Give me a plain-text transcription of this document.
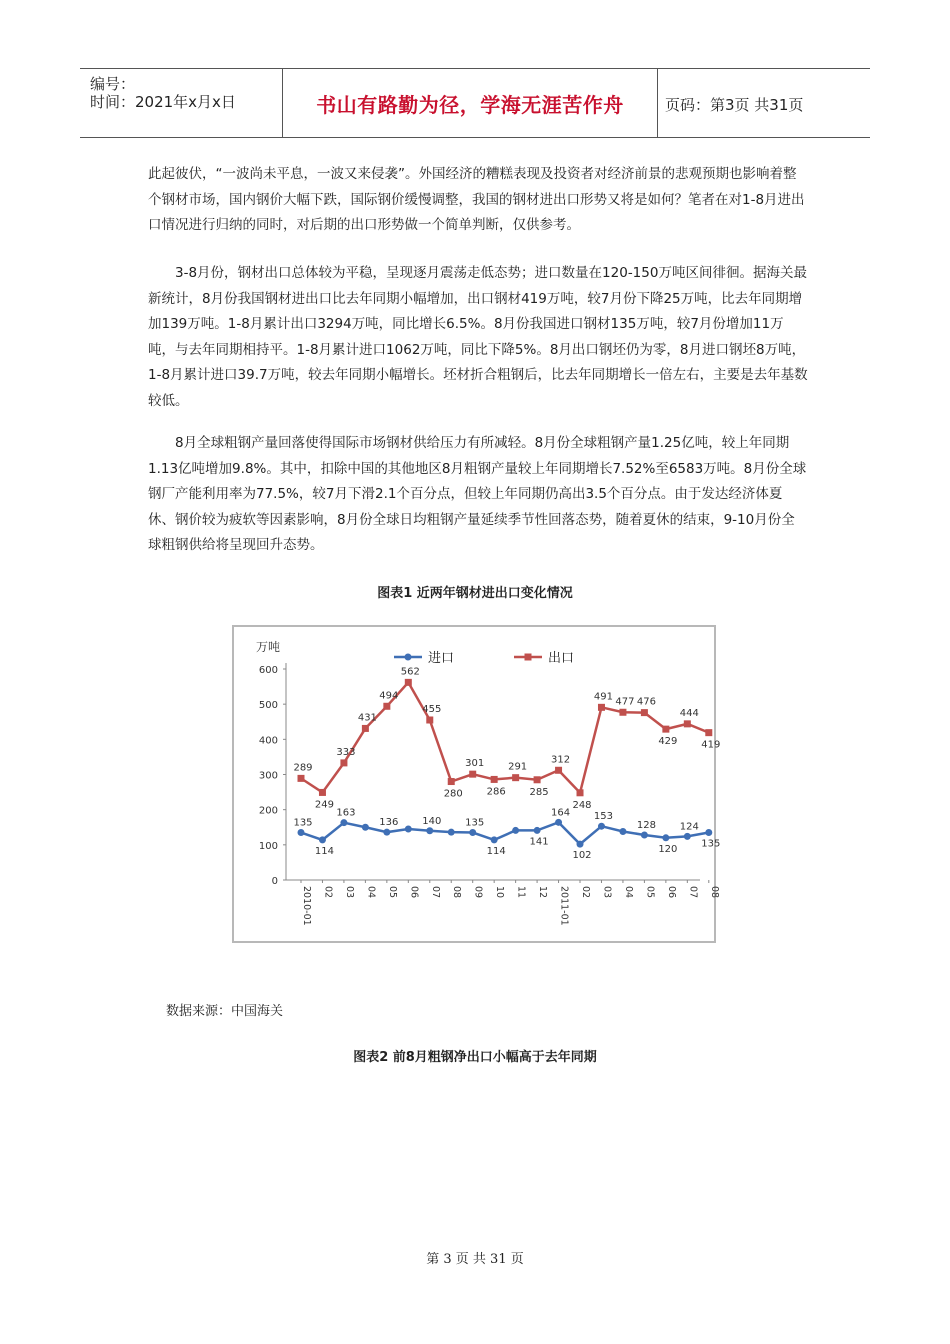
编号：
时间：2021年x月x日	书山有路勤为径，学海无涯苦作舟	页码：第3页 共31页

此起彼伏，“一波尚未平息，一波又来侵袭”。外国经济的糟糕表现及投资者对经济前景的悲观预期也影响着整个钢材市场，国内钢价大幅下跌，国际钢价缓慢调整，我国的钢材进出口形势又将是如何？笔者在对1-8月进出口情况进行归纳的同时，对后期的出口形势做一个简单判断，仅供参考。

3-8月份，钢材出口总体较为平稳，呈现逐月震荡走低态势；进口数量在120-150万吨区间徘徊。据海关最新统计，8月份我国钢材进出口比去年同期小幅增加，出口钢材419万吨，较7月份下降25万吨，比去年同期增加139万吨。1-8月累计出口3294万吨，同比增长6.5%。8月份我国进口钢材135万吨，较7月份增加11万吨，与去年同期相持平。1-8月累计进口1062万吨，同比下降5%。8月出口钢坯仍为零，8月进口钢坯8万吨，1-8月累计进口39.7万吨，较去年同期小幅增长。坯材折合粗钢后，比去年同期增长一倍左右，主要是去年基数较低。

8月全球粗钢产量回落使得国际市场钢材供给压力有所减轻。8月份全球粗钢产量1.25亿吨，较上年同期1.13亿吨增加9.8%。其中，扣除中国的其他地区8月粗钢产量较上年同期增长7.52%至6583万吨。8月份全球钢厂产能利用率为77.5%，较7月下滑2.1个百分点，但较上年同期仍高出3.5个百分点。由于发达经济体夏休、钢价较为疲软等因素影响，8月份全球日均粗钢产量延续季节性回落态势，随着夏休的结束，9-10月份全球粗钢供给将呈现回升态势。

图表1 近两年钢材进出口变化情况
万吨
0
100
200
300
400
500
600
2010-01 02 03 04 05 06 07 08 09 10 11 12 2011-01 02 03 04 05 06 07 08
进口	出口
135
114
163
136 140 135
114
141
164
102
153
128
120
124
135
289
249
333
431
494
562
455
280
301
286
291
285
312
248
491 477 476
429
444
419
数据来源：中国海关
图表2 前8月粗钢净出口小幅高于去年同期
第 3 页 共 31 页
